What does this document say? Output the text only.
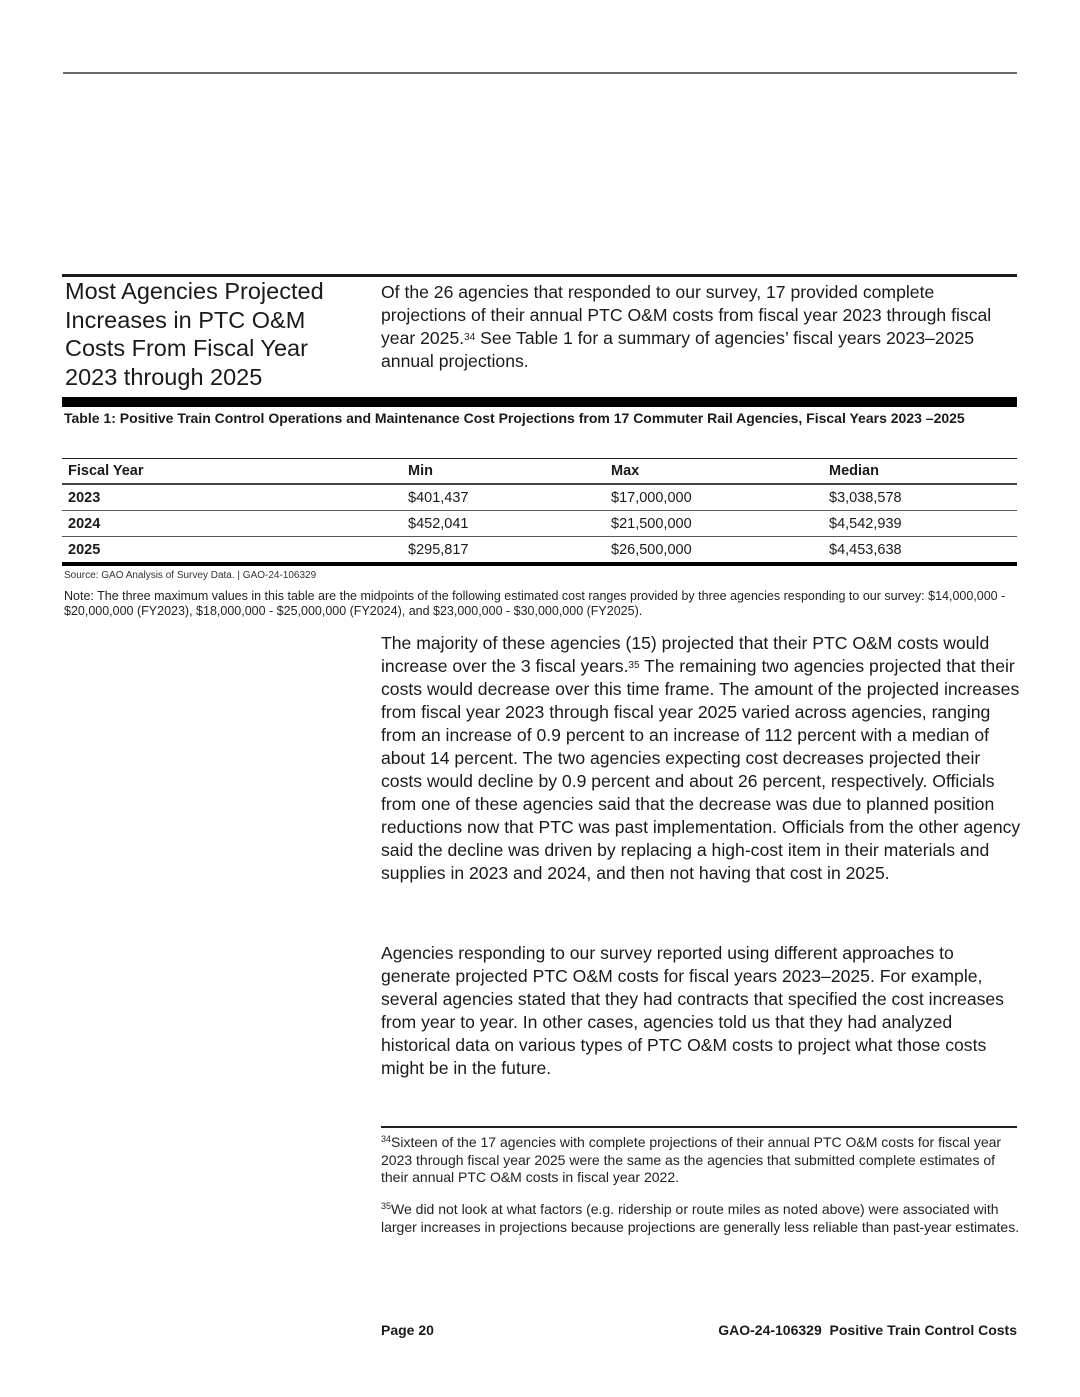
Most Agencies Projected Increases in PTC O&M Costs From Fiscal Year 2023 through 2025
Of the 26 agencies that responded to our survey, 17 provided complete projections of their annual PTC O&M costs from fiscal year 2023 through fiscal year 2025.34 See Table 1 for a summary of agencies’ fiscal years 2023–2025 annual projections.
Table 1: Positive Train Control Operations and Maintenance Cost Projections from 17 Commuter Rail Agencies, Fiscal Years 2023 –2025
Fiscal Year	Min	Max	Median
2023	$401,437	$17,000,000	$3,038,578
2024	$452,041	$21,500,000	$4,542,939
2025	$295,817	$26,500,000	$4,453,638
Source: GAO Analysis of Survey Data. | GAO-24-106329
Note: The three maximum values in this table are the midpoints of the following estimated cost ranges provided by three agencies responding to our survey: $14,000,000 - $20,000,000 (FY2023), $18,000,000 - $25,000,000 (FY2024), and $23,000,000 - $30,000,000 (FY2025).
The majority of these agencies (15) projected that their PTC O&M costs would increase over the 3 fiscal years.$^{35}$ The remaining two agencies projected that their costs would decrease over this time frame. The amount of the projected increases from fiscal year 2023 through fiscal year 2025 varied across agencies, ranging from an increase of 0.9 percent to an increase of 112 percent with a median of about 14 percent. The two agencies expecting cost decreases projected their costs would decline by 0.9 percent and about 26 percent, respectively. Officials from one of these agencies said that the decrease was due to planned position reductions now that PTC was past implementation. Officials from the other agency said the decline was driven by replacing a high-cost item in their materials and supplies in 2023 and 2024, and then not having that cost in 2025.
Agencies responding to our survey reported using different approaches to generate projected PTC O&M costs for fiscal years 2023–2025. For example, several agencies stated that they had contracts that specified the cost increases from year to year. In other cases, agencies told us that they had analyzed historical data on various types of PTC O&M costs to project what those costs might be in the future.
$^{34}$Sixteen of the 17 agencies with complete projections of their annual PTC O&M costs for fiscal year 2023 through fiscal year 2025 were the same as the agencies that submitted complete estimates of their annual PTC O&M costs in fiscal year 2022.
$^{35}$We did not look at what factors (e.g. ridership or route miles as noted above) were associated with larger increases in projections because projections are generally less reliable than past-year estimates.
Page 20	GAO-24-106329  Positive Train Control Costs
